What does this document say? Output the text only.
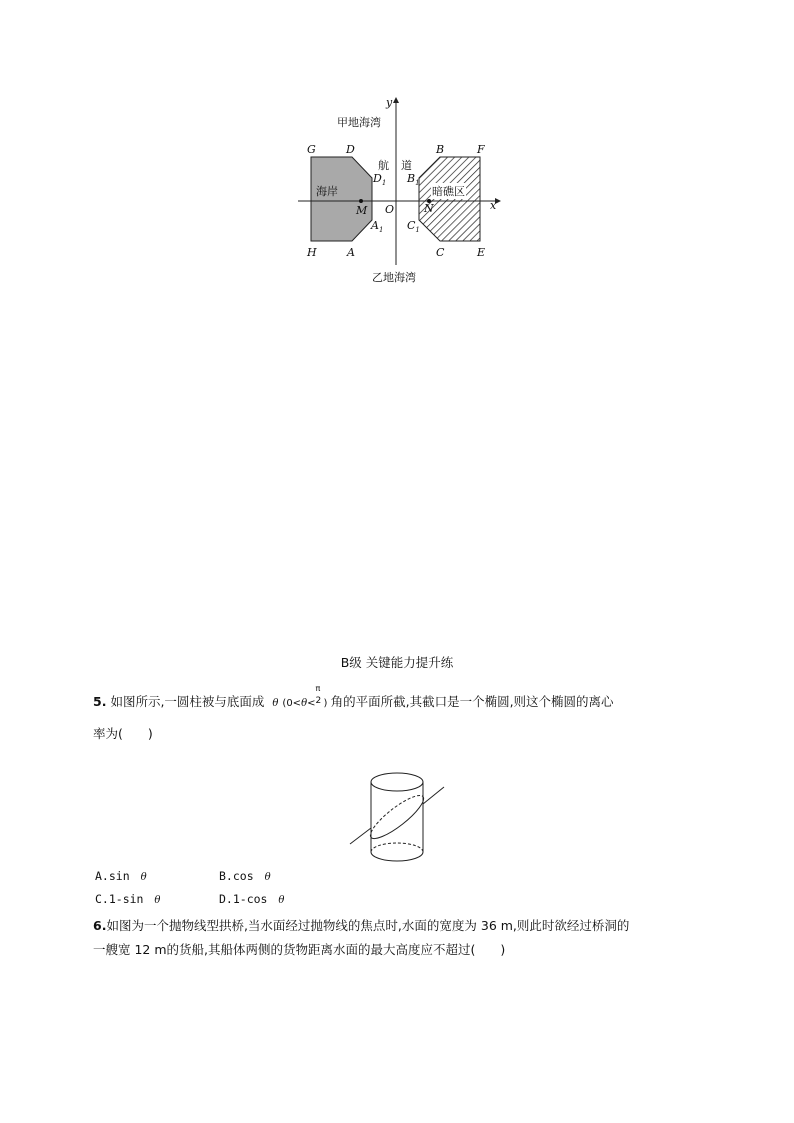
y
甲地海湾
G	D
航 道
B	F
$D_1$ $B_1$
海岸	暗礁区
M O	N	x
$A_1$ $C_1$
H	A	C	E
乙地海湾
B级 关键能力提升练
5. 如图所示,一圆柱被与底面成 θ (0<θ<
π
2 ) 角的平面所截,其截口是一个椭圆,则这个椭圆的离心
率为(　　)
A.sin θ	B.cos θ
C.1-sin θ	D.1-cos θ
6.如图为一个抛物线型拱桥,当水面经过抛物线的焦点时,水面的宽度为 36 m,则此时欲经过桥洞的
一艘宽 12 m的货船,其船体两侧的货物距离水面的最大高度应不超过(　　)
